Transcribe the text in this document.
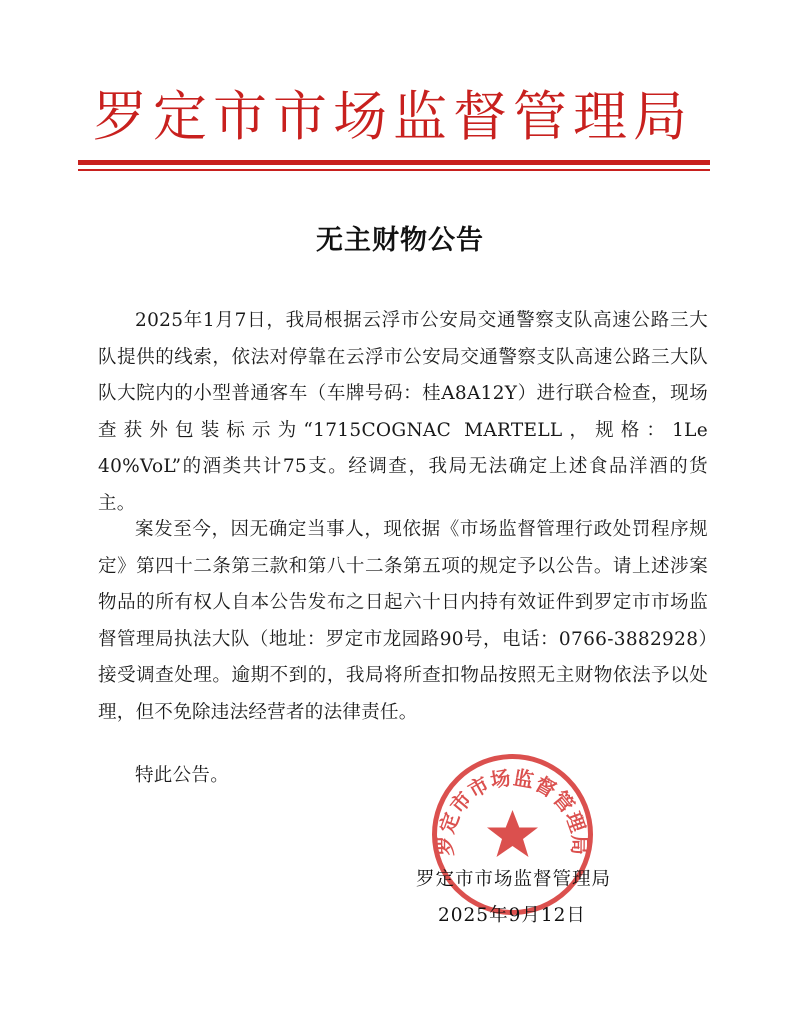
罗定市市场监督管理局
无主财物公告

2025年1月7日，我局根据云浮市公安局交通警察支队高速公路三大队提供的线索，依法对停靠在云浮市公安局交通警察支队高速公路三大队队大院内的小型普通客车（车牌号码：桂A8A12Y）进行联合检查，现场查获外包装标示为“1715COGNAC MARTELL，规格：1Le 40%VoL”的酒类共计75支。经调查，我局无法确定上述食品洋酒的货主。

案发至今，因无确定当事人，现依据《市场监督管理行政处罚程序规定》第四十二条第三款和第八十二条第五项的规定予以公告。请上述涉案物品的所有权人自本公告发布之日起六十日内持有效证件到罗定市市场监督管理局执法大队（地址：罗定市龙园路90号，电话：0766-3882928）接受调查处理。逾期不到的，我局将所查扣物品按照无主财物依法予以处理，但不免除违法经营者的法律责任。

特此公告。

罗定市市场监督管理局
罗定市市场监督管理局
2025年9月12日
